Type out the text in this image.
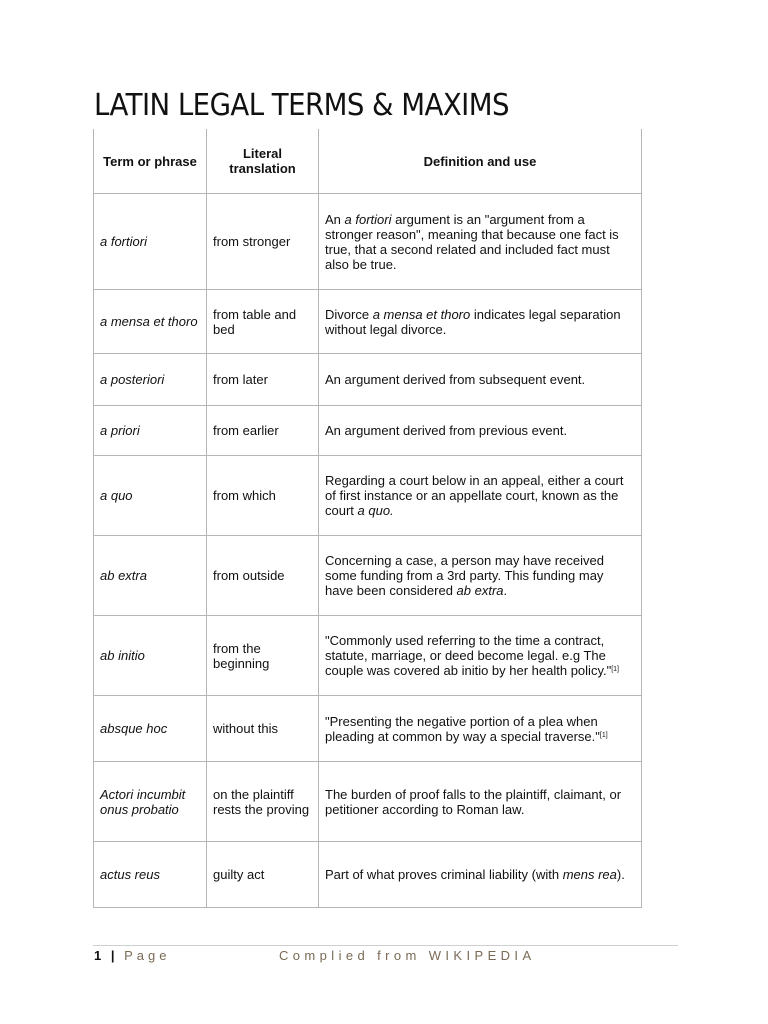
LATIN LEGAL TERMS & MAXIMS
Term or phrase	Literal translation	Definition and use
a fortiori	from stronger	An a fortiori argument is an "argument from a stronger reason", meaning that because one fact is true, that a second related and included fact must also be true.
a mensa et thoro	from table and bed	Divorce a mensa et thoro indicates legal separation without legal divorce.
a posteriori	from later	An argument derived from subsequent event.
a priori	from earlier	An argument derived from previous event.
a quo	from which	Regarding a court below in an appeal, either a court of first instance or an appellate court, known as the court a quo.
ab extra	from outside	Concerning a case, a person may have received some funding from a 3rd party. This funding may have been considered ab extra.
ab initio	from the beginning	"Commonly used referring to the time a contract, statute, marriage, or deed become legal. e.g The couple was covered ab initio by her health policy."[1]
absque hoc	without this	"Presenting the negative portion of a plea when pleading at common by way a special traverse."[1]
Actori incumbit onus probatio	on the plaintiff rests the proving	The burden of proof falls to the plaintiff, claimant, or petitioner according to Roman law.
actus reus	guilty act	Part of what proves criminal liability (with mens rea).
1 | Page	Complied from WIKIPEDIA
